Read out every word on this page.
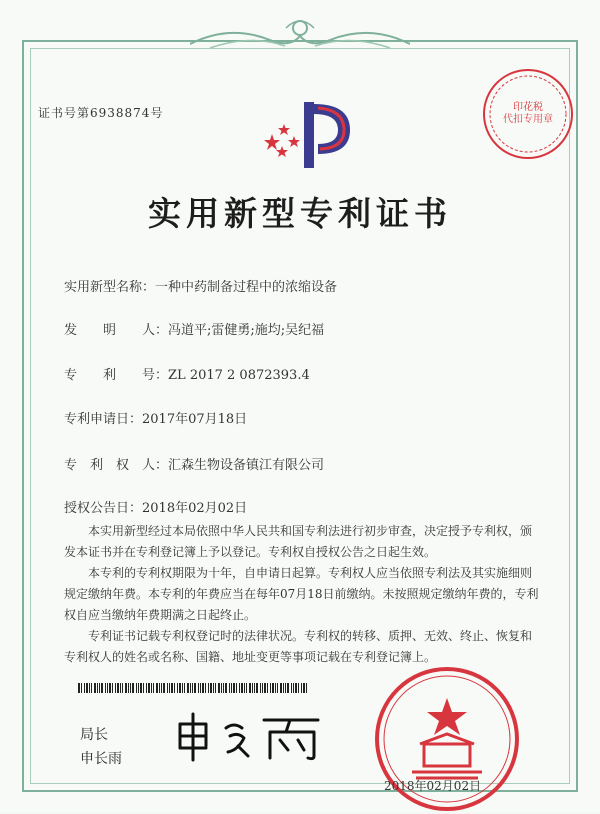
证书号第6938874号	印花税
代扣专用章
实用新型专利证书
实用新型名称：一种中药制备过程中的浓缩设备
发　　明　　人：冯道平;雷健勇;施均;吴纪福
专　　利　　号：ZL 2017 2 0872393.4
专利申请日：2017年07月18日
专　利　权　人：汇森生物设备镇江有限公司
授权公告日：2018年02月02日

本实用新型经过本局依照中华人民共和国专利法进行初步审查，决定授予专利权，颁发本证书并在专利登记簿上予以登记。专利权自授权公告之日起生效。

本专利的专利权期限为十年，自申请日起算。专利权人应当依照专利法及其实施细则规定缴纳年费。本专利的年费应当在每年07月18日前缴纳。未按照规定缴纳年费的，专利权自应当缴纳年费期满之日起终止。

专利证书记载专利权登记时的法律状况。专利权的转移、质押、无效、终止、恢复和专利权人的姓名或名称、国籍、地址变更等事项记载在专利登记簿上。

局长
申长雨
2018年02月02日
